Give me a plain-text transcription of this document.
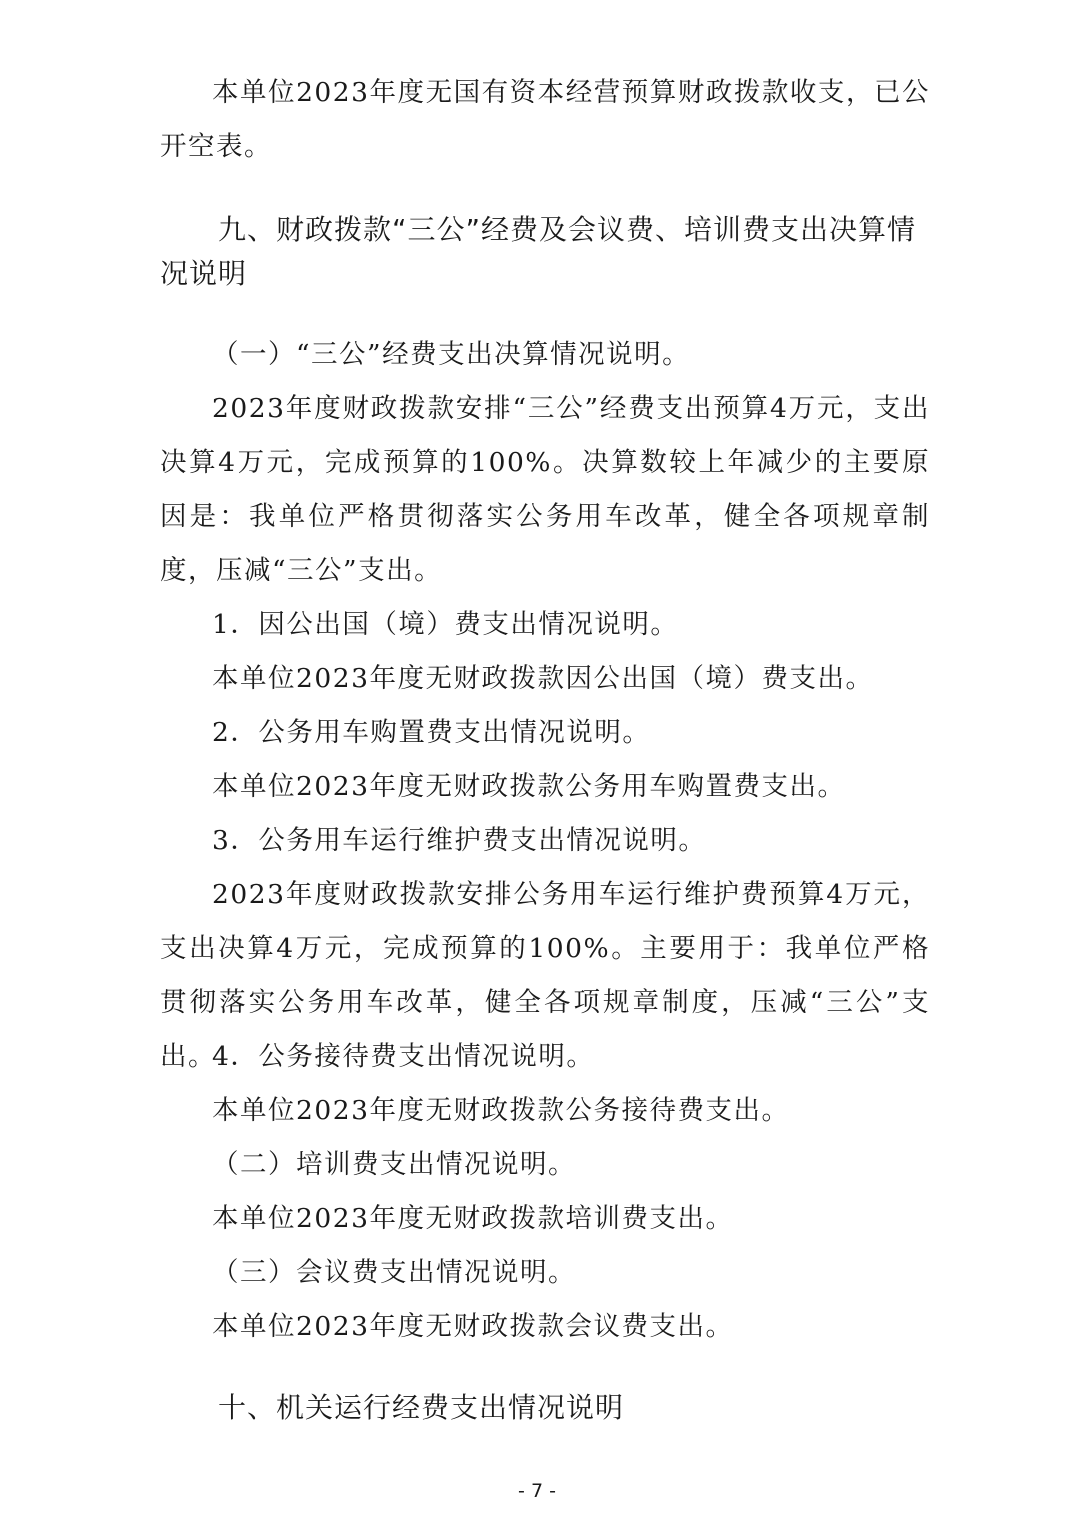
本单位2023年度无国有资本经营预算财政拨款收支，已公开空表。

九、财政拨款“三公”经费及会议费、培训费支出决算情况说明

（一）“三公”经费支出决算情况说明。

2023年度财政拨款安排“三公”经费支出预算4万元，支出决算4万元，完成预算的100%。决算数较上年减少的主要原因是：我单位严格贯彻落实公务用车改革，健全各项规章制度，压减“三公”支出。

1．因公出国（境）费支出情况说明。

本单位2023年度无财政拨款因公出国（境）费支出。

2．公务用车购置费支出情况说明。

本单位2023年度无财政拨款公务用车购置费支出。

3．公务用车运行维护费支出情况说明。

2023年度财政拨款安排公务用车运行维护费预算4万元，支出决算4万元，完成预算的100%。主要用于：我单位严格贯彻落实公务用车改革，健全各项规章制度，压减“三公”支出。

4．公务接待费支出情况说明。

本单位2023年度无财政拨款公务接待费支出。

（二）培训费支出情况说明。

本单位2023年度无财政拨款培训费支出。

（三）会议费支出情况说明。

本单位2023年度无财政拨款会议费支出。

十、机关运行经费支出情况说明
- 7 -
